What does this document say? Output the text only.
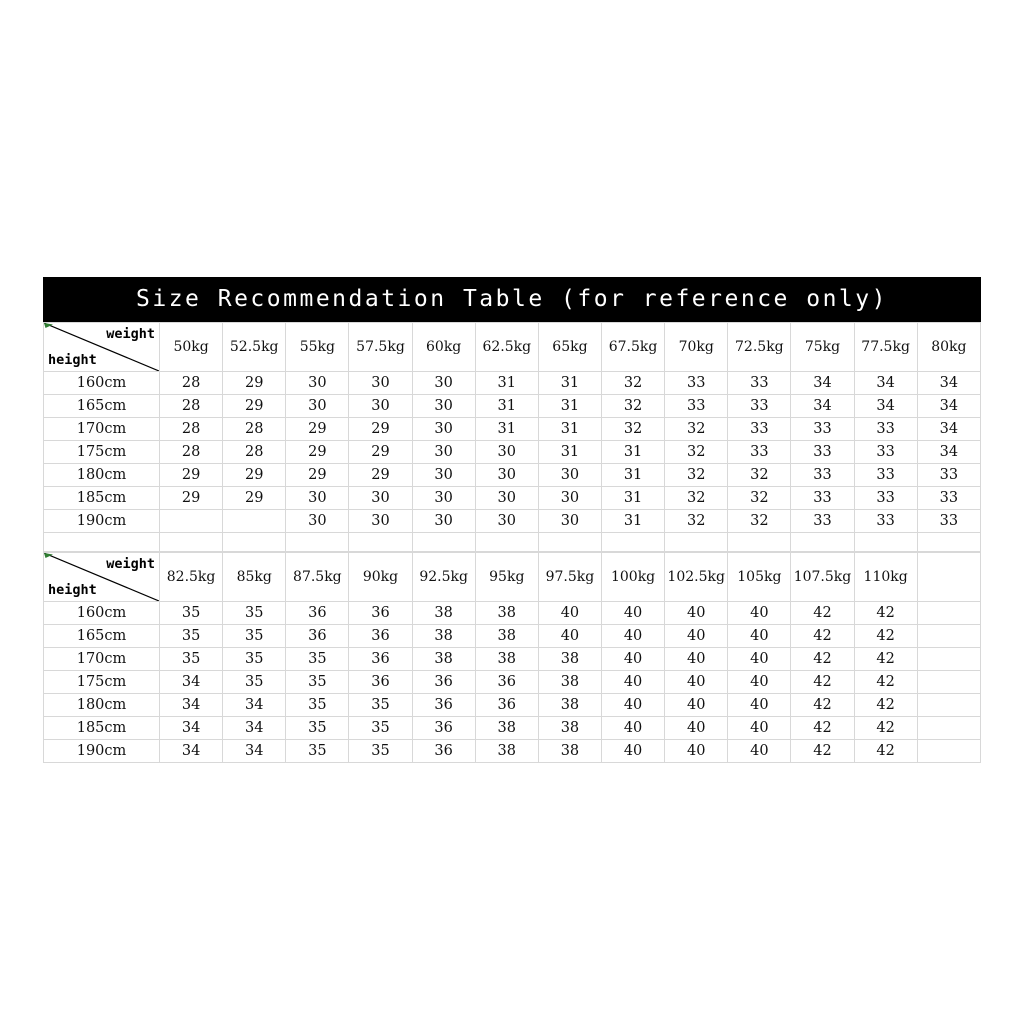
Size Recommendation Table (for reference only)
weight
height	50kg	52.5kg	55kg	57.5kg	60kg	62.5kg	65kg	67.5kg	70kg	72.5kg	75kg	77.5kg	80kg
160cm	28	29	30	30	30	31	31	32	33	33	34	34	34
165cm	28	29	30	30	30	31	31	32	33	33	34	34	34
170cm	28	28	29	29	30	31	31	32	32	33	33	33	34
175cm	28	28	29	29	30	30	31	31	32	33	33	33	34
180cm	29	29	29	29	30	30	30	31	32	32	33	33	33
185cm	29	29	30	30	30	30	30	31	32	32	33	33	33
190cm			30	30	30	30	30	31	32	32	33	33	33

weight
height	82.5kg	85kg	87.5kg	90kg	92.5kg	95kg	97.5kg	100kg	102.5kg	105kg	107.5kg	110kg	
160cm	35	35	36	36	38	38	40	40	40	40	42	42	
165cm	35	35	36	36	38	38	40	40	40	40	42	42	
170cm	35	35	35	36	38	38	38	40	40	40	42	42	
175cm	34	35	35	36	36	36	38	40	40	40	42	42	
180cm	34	34	35	35	36	36	38	40	40	40	42	42	
185cm	34	34	35	35	36	38	38	40	40	40	42	42	
190cm	34	34	35	35	36	38	38	40	40	40	42	42	
